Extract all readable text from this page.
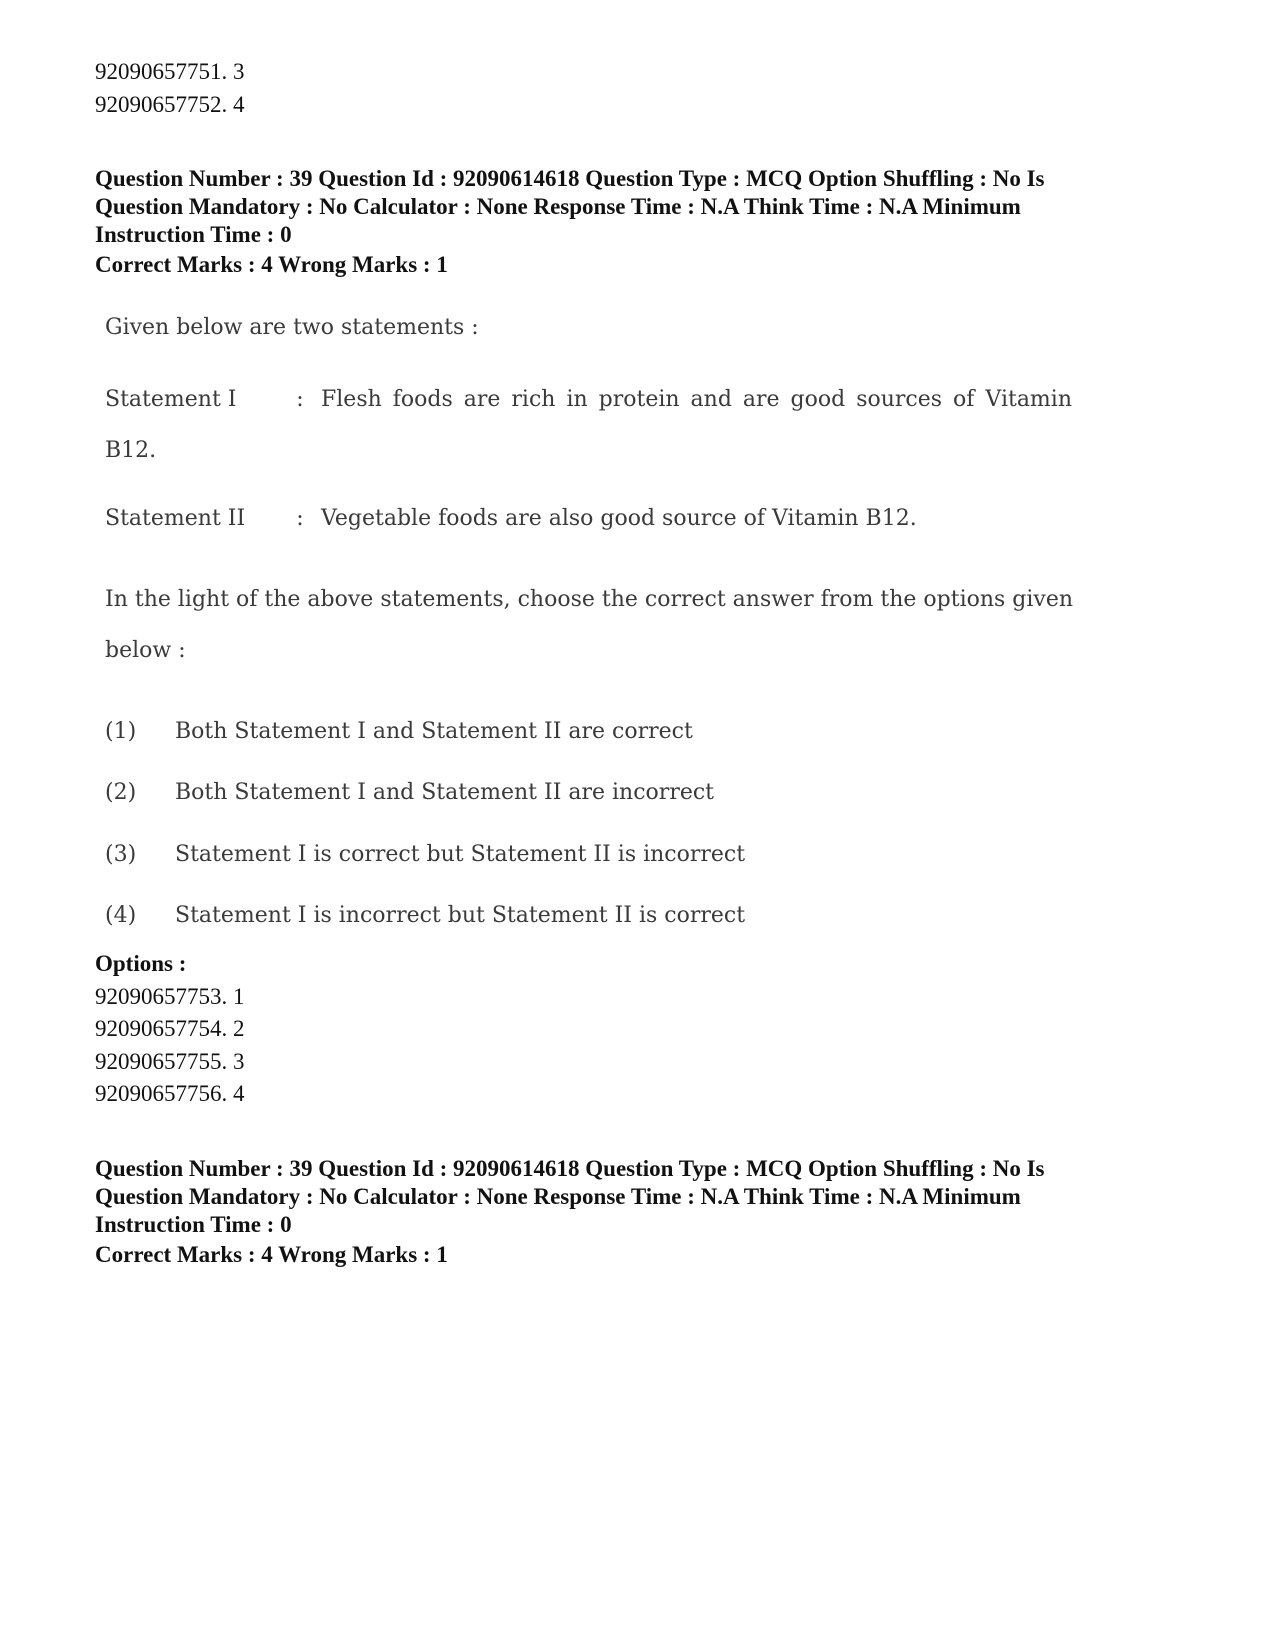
92090657751. 3
92090657752. 4
Question Number : 39 Question Id : 92090614618 Question Type : MCQ Option Shuffling : No Is
Question Mandatory : No Calculator : None Response Time : N.A Think Time : N.A Minimum
Instruction Time : 0
Correct Marks : 4 Wrong Marks : 1
Given below are two statements :
Statement I	: Flesh foods are rich in protein and are good sources of Vitamin
B12.
Statement II	: Vegetable foods are also good source of Vitamin B12.
In the light of the above statements, choose the correct answer from the options given
below :
(1)	Both Statement I and Statement II are correct
(2)	Both Statement I and Statement II are incorrect
(3)	Statement I is correct but Statement II is incorrect
(4)	Statement I is incorrect but Statement II is correct
Options :
92090657753. 1
92090657754. 2
92090657755. 3
92090657756. 4
Question Number : 39 Question Id : 92090614618 Question Type : MCQ Option Shuffling : No Is
Question Mandatory : No Calculator : None Response Time : N.A Think Time : N.A Minimum
Instruction Time : 0
Correct Marks : 4 Wrong Marks : 1
